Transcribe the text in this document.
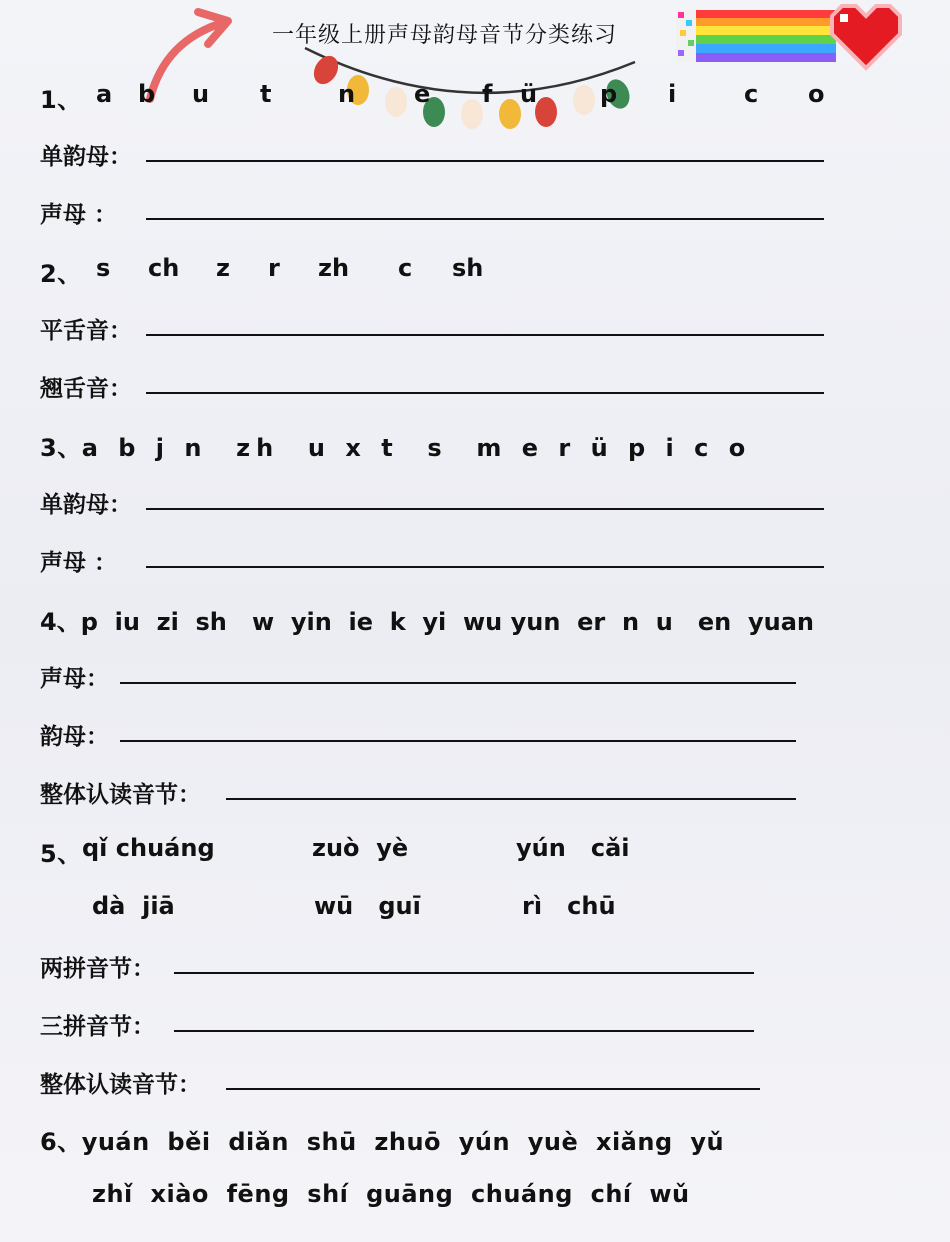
一年级上册声母韵母音节分类练习
1、 a b u t	n e f ü	p i	c o
单韵母：
声母 ：
2、 s ch z r zh c sh
平舌音：
翘舌音：
3、a b j n  zh  u x t  s  m e r ü p i c o
单韵母：
声母 ：
4、p  iu  zi  sh   w  yin  ie  k  yi  wu yun  er  n  u   en  yuan
声母：
韵母：
整体认读音节：
5、 qǐ chuáng	zuò  yè	yún   cǎi
dà  jiā	wū   guī	rì   chū
两拼音节：
三拼音节：
整体认读音节：
6、yuán  běi  diǎn  shū  zhuō  yún  yuè  xiǎng  yǔ
zhǐ  xiào  fēng  shí  guāng  chuáng  chí  wǔ
